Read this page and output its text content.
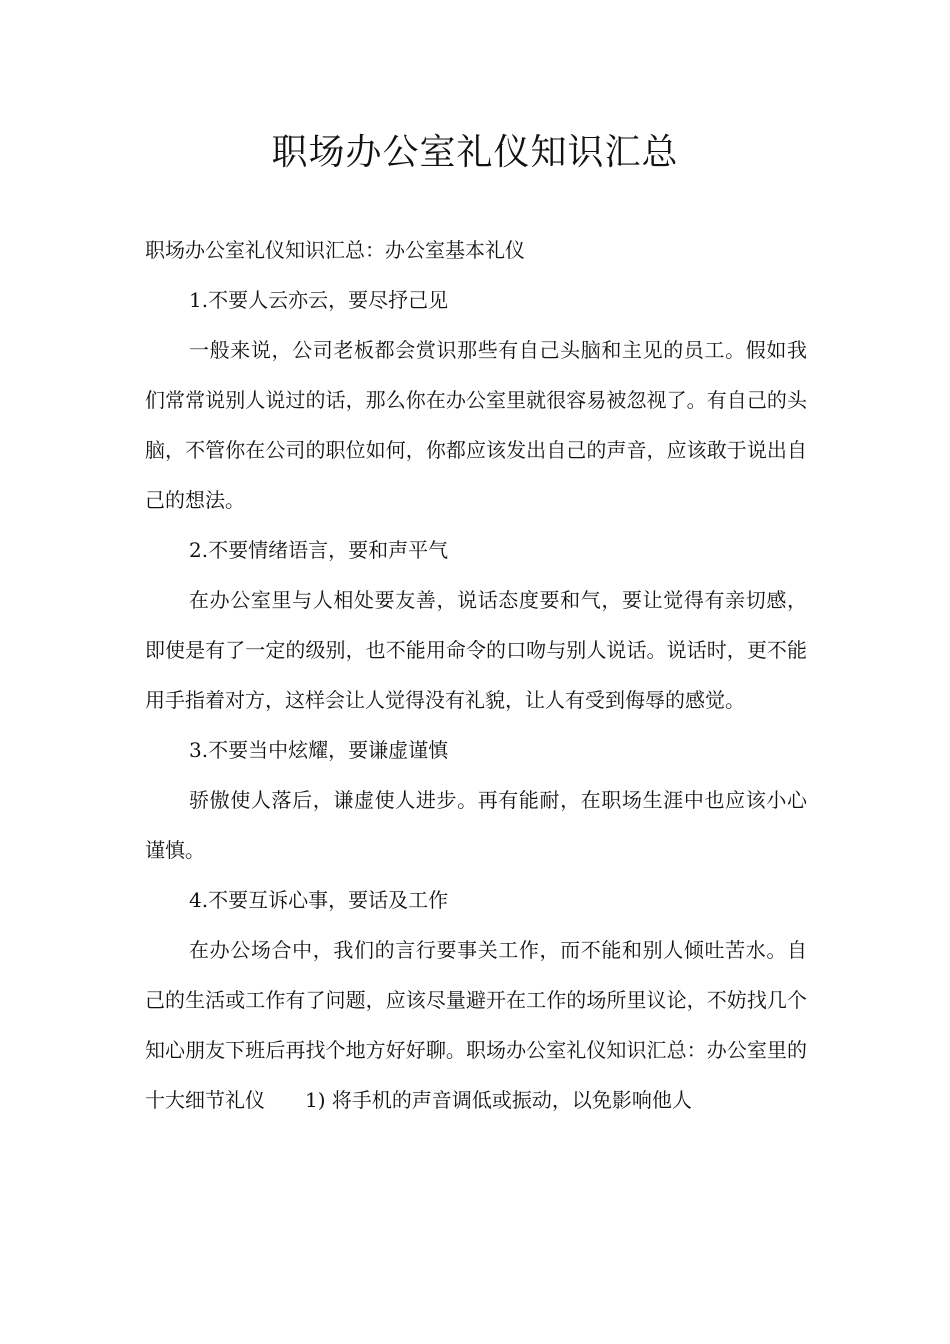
职场办公室礼仪知识汇总

职场办公室礼仪知识汇总：办公室基本礼仪

1.不要人云亦云，要尽抒己见

一般来说，公司老板都会赏识那些有自己头脑和主见的员工。假如我们常常说别人说过的话，那么你在办公室里就很容易被忽视了。有自己的头脑，不管你在公司的职位如何，你都应该发出自己的声音，应该敢于说出自己的想法。

2.不要情绪语言，要和声平气

在办公室里与人相处要友善，说话态度要和气，要让觉得有亲切感，即使是有了一定的级别，也不能用命令的口吻与别人说话。说话时，更不能用手指着对方，这样会让人觉得没有礼貌，让人有受到侮辱的感觉。

3.不要当中炫耀，要谦虚谨慎

骄傲使人落后，谦虚使人进步。再有能耐，在职场生涯中也应该小心谨慎。

4.不要互诉心事，要话及工作

在办公场合中，我们的言行要事关工作，而不能和别人倾吐苦水。自己的生活或工作有了问题，应该尽量避开在工作的场所里议论，不妨找几个知心朋友下班后再找个地方好好聊。职场办公室礼仪知识汇总：办公室里的十大细节礼仪　　1) 将手机的声音调低或振动，以免影响他人
